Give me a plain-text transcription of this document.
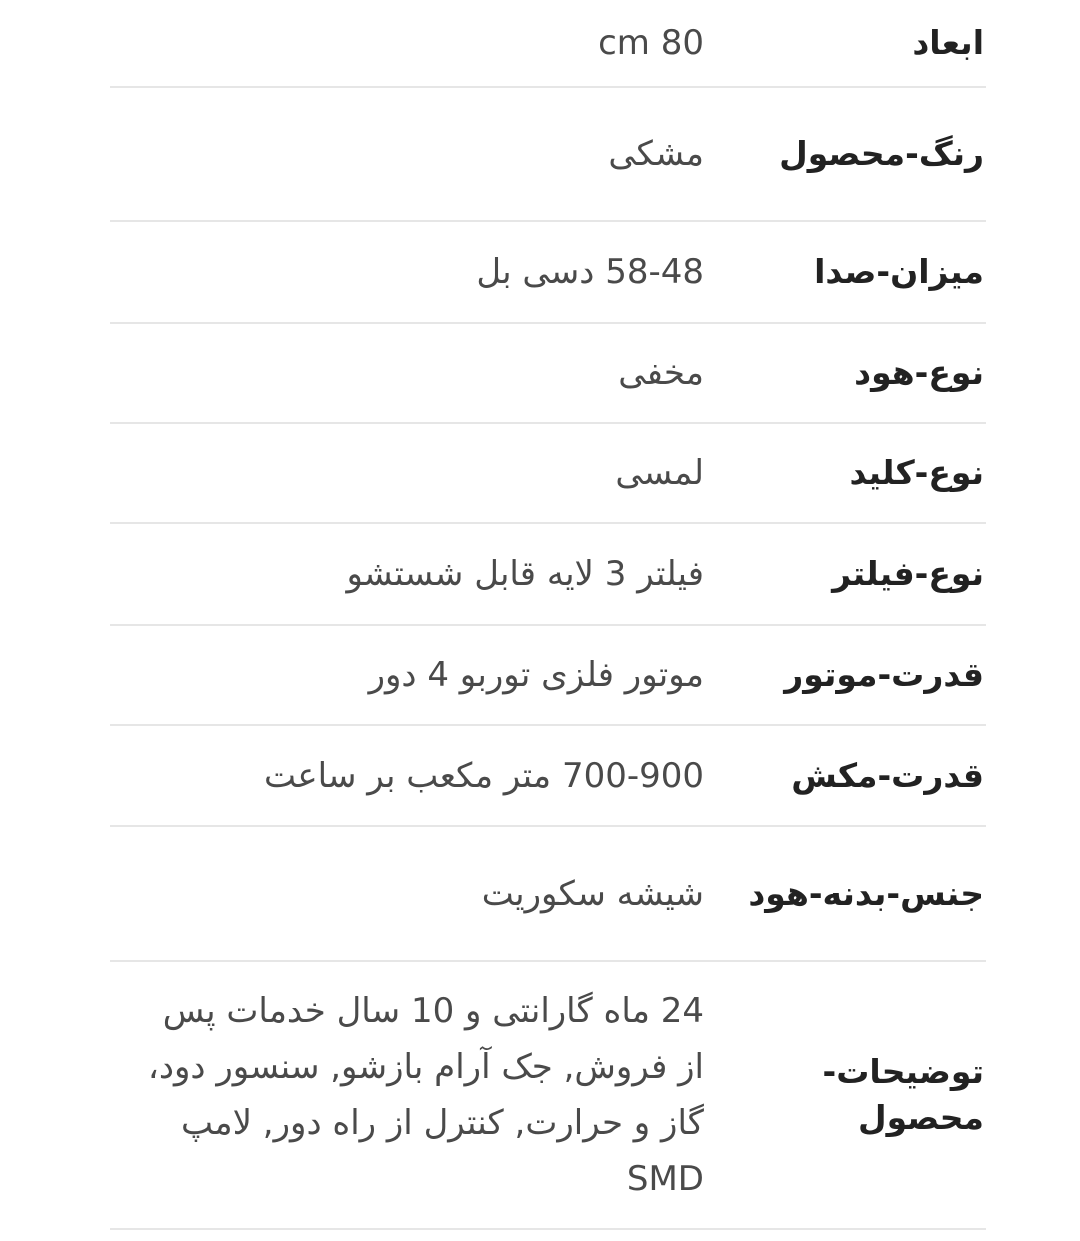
ابعاد
cm 80
رنگ-محصول
مشکی
میزان-صدا
58-48 دسی بل
نوع-هود
مخفی
نوع-کلید
لمسی
نوع-فیلتر
فیلتر 3 لایه قابل شستشو
قدرت-موتور
موتور فلزی توربو 4 دور
قدرت-مکش
700-900 متر مکعب بر ساعت
جنس-بدنه-هود
شیشه سکوریت
توضیحات-محصول
24 ماه گارانتی و 10 سال خدمات پس از فروش, جک آرام بازشو, سنسور دود، گاز و حرارت, کنترل از راه دور, لامپ SMD
